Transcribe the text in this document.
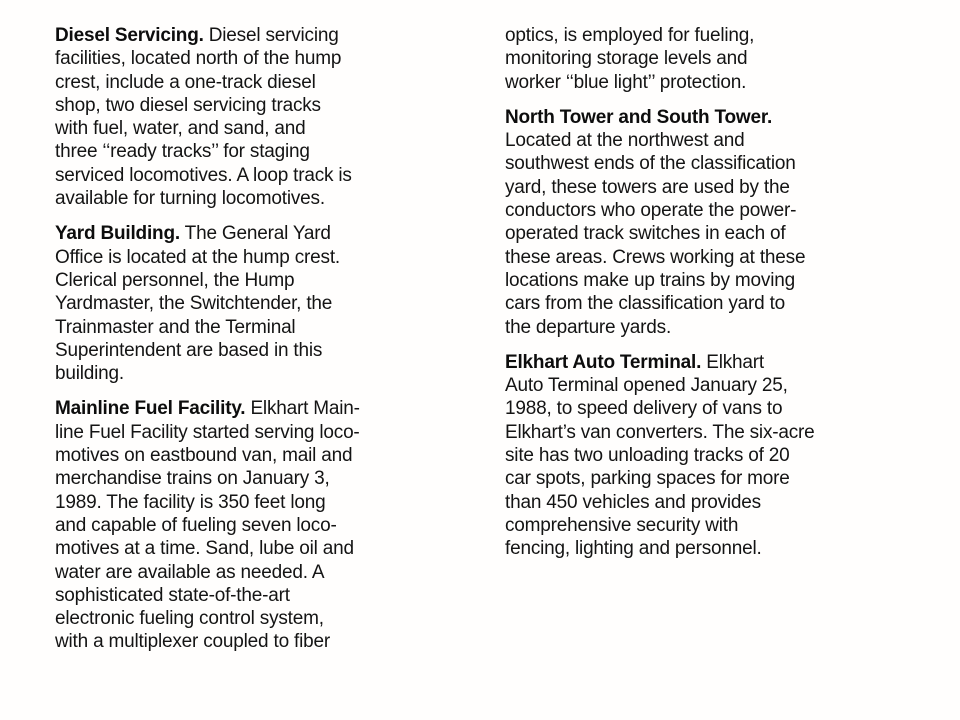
Diesel Servicing. Diesel servicing
facilities, located north of the hump
crest, include a one-track diesel
shop, two diesel servicing tracks
with fuel, water, and sand, and
three ‘‘ready tracks’’ for staging
serviced locomotives. A loop track is
available for turning locomotives.
Yard Building. The General Yard
Office is located at the hump crest.
Clerical personnel, the Hump
Yardmaster, the Switchtender, the
Trainmaster and the Terminal
Superintendent are based in this
building.
Mainline Fuel Facility. Elkhart Main-
line Fuel Facility started serving loco-
motives on eastbound van, mail and
merchandise trains on January 3,
1989. The facility is 350 feet long
and capable of fueling seven loco-
motives at a time. Sand, lube oil and
water are available as needed. A
sophisticated state-of-the-art
electronic fueling control system,
with a multiplexer coupled to fiber
optics, is employed for fueling,
monitoring storage levels and
worker ‘‘blue light’’ protection.
North Tower and South Tower.
Located at the northwest and
southwest ends of the classification
yard, these towers are used by the
conductors who operate the power-
operated track switches in each of
these areas. Crews working at these
locations make up trains by moving
cars from the classification yard to
the departure yards.
Elkhart Auto Terminal. Elkhart
Auto Terminal opened January 25,
1988, to speed delivery of vans to
Elkhart’s van converters. The six-acre
site has two unloading tracks of 20
car spots, parking spaces for more
than 450 vehicles and provides
comprehensive security with
fencing, lighting and personnel.
